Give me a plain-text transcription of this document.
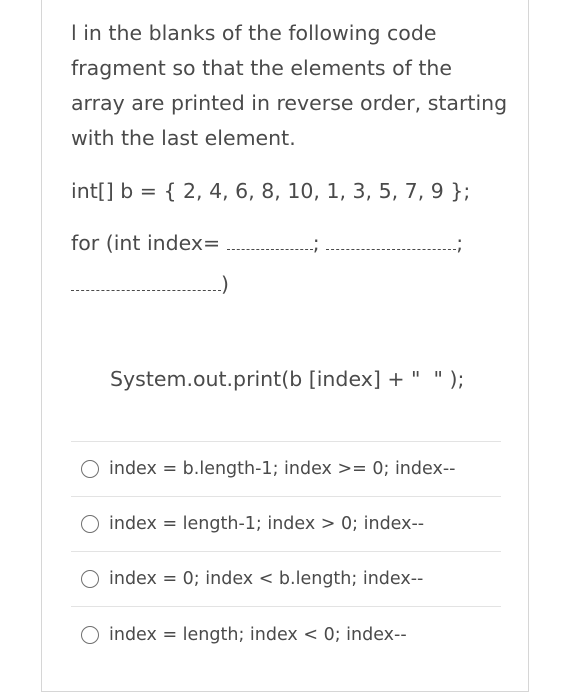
l in the blanks of the following code fragment so that the elements of the array are printed in reverse order, starting with the last element.

int[] b = { 2, 4, 6, 8, 10, 1, 3, 5, 7, 9 };
for (int index=	;	;
)
System.out.print(b [index] + "  " );
index = b.length-1; index >= 0; index--
index = length-1; index > 0; index--
index = 0; index < b.length; index--
index = length; index < 0; index--
